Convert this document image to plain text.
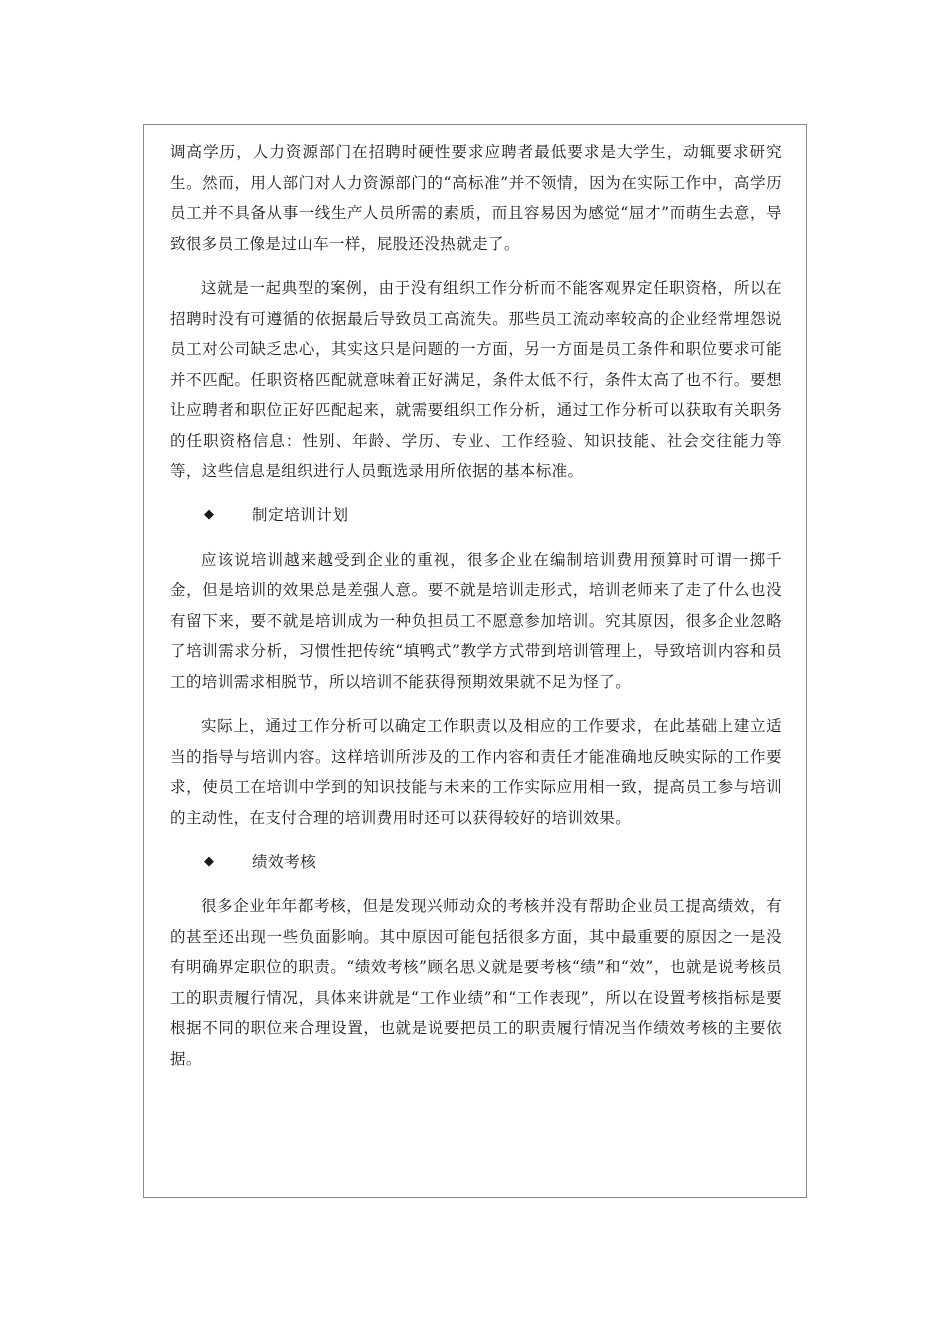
调高学历，人力资源部门在招聘时硬性要求应聘者最低要求是大学生，动辄要求研究生。然而，用人部门对人力资源部门的“高标准”并不领情，因为在实际工作中，高学历员工并不具备从事一线生产人员所需的素质，而且容易因为感觉“屈才”而萌生去意，导致很多员工像是过山车一样，屁股还没热就走了。

这就是一起典型的案例，由于没有组织工作分析而不能客观界定任职资格，所以在招聘时没有可遵循的依据最后导致员工高流失。那些员工流动率较高的企业经常埋怨说员工对公司缺乏忠心，其实这只是问题的一方面，另一方面是员工条件和职位要求可能并不匹配。任职资格匹配就意味着正好满足，条件太低不行，条件太高了也不行。要想让应聘者和职位正好匹配起来，就需要组织工作分析，通过工作分析可以获取有关职务的任职资格信息：性别、年龄、学历、专业、工作经验、知识技能、社会交往能力等等，这些信息是组织进行人员甄选录用所依据的基本标准。

◆	制定培训计划

应该说培训越来越受到企业的重视，很多企业在编制培训费用预算时可谓一掷千金，但是培训的效果总是差强人意。要不就是培训走形式，培训老师来了走了什么也没有留下来，要不就是培训成为一种负担员工不愿意参加培训。究其原因，很多企业忽略了培训需求分析，习惯性把传统“填鸭式”教学方式带到培训管理上，导致培训内容和员工的培训需求相脱节，所以培训不能获得预期效果就不足为怪了。

实际上，通过工作分析可以确定工作职责以及相应的工作要求，在此基础上建立适当的指导与培训内容。这样培训所涉及的工作内容和责任才能准确地反映实际的工作要求，使员工在培训中学到的知识技能与未来的工作实际应用相一致，提高员工参与培训的主动性，在支付合理的培训费用时还可以获得较好的培训效果。

◆	绩效考核

很多企业年年都考核，但是发现兴师动众的考核并没有帮助企业员工提高绩效，有的甚至还出现一些负面影响。其中原因可能包括很多方面，其中最重要的原因之一是没有明确界定职位的职责。“绩效考核”顾名思义就是要考核“绩”和“效”，也就是说考核员工的职责履行情况，具体来讲就是“工作业绩”和“工作表现”，所以在设置考核指标是要根据不同的职位来合理设置，也就是说要把员工的职责履行情况当作绩效考核的主要依据。
